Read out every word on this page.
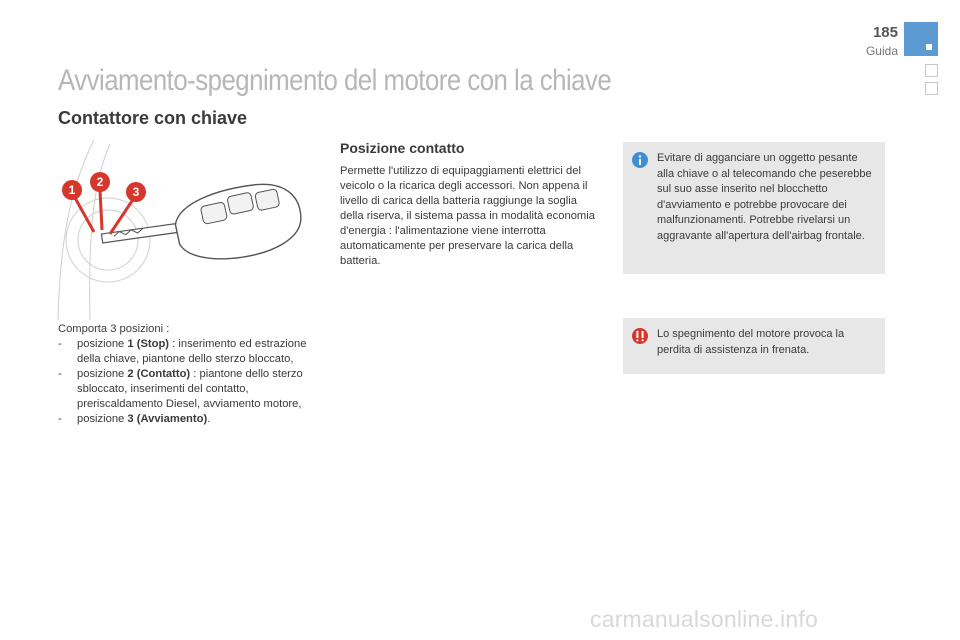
185
Guida
Avviamento-spegnimento del motore con la chiave
Contattore con chiave
1
2
3
Comporta 3 posizioni :
-	posizione 1 (Stop) : inserimento ed estrazione della chiave, piantone dello sterzo bloccato,
-	posizione 2 (Contatto) : piantone dello sterzo sbloccato, inserimenti del contatto, preriscaldamento Diesel, avviamento motore,
-	posizione 3 (Avviamento).
Posizione contatto
Permette l'utilizzo di equipaggiamenti elettrici del veicolo o la ricarica degli accessori. Non appena il livello di carica della batteria raggiunge la soglia della riserva, il sistema passa in modalità economia d'energia : l'alimentazione viene interrotta automaticamente per preservare la carica della batteria.
Evitare di agganciare un oggetto pesante alla chiave o al telecomando che peserebbe sul suo asse inserito nel blocchetto d'avviamento e potrebbe provocare dei malfunzionamenti. Potrebbe rivelarsi un aggravante all'apertura dell'airbag frontale.
Lo spegnimento del motore provoca la perdita di assistenza in frenata.
carmanualsonline.info
